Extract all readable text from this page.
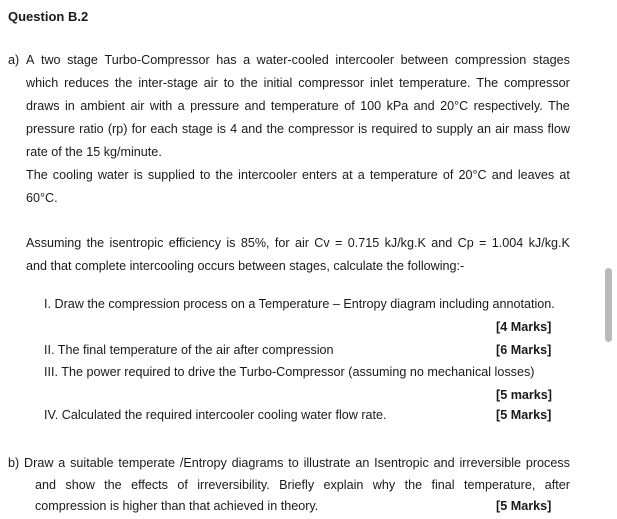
Question B.2
a) A two stage Turbo-Compressor has a water-cooled intercooler between compression stages
which reduces the inter-stage air to the initial compressor inlet temperature. The compressor
draws in ambient air with a pressure and temperature of 100 kPa and 20°C respectively. The
pressure ratio (rp) for each stage is 4 and the compressor is required to supply an air mass flow
rate of the 15 kg/minute.
The cooling water is supplied to the intercooler enters at a temperature of 20°C and leaves at
60°C.
Assuming the isentropic efficiency is 85%, for air Cv = 0.715 kJ/kg.K and Cp = 1.004 kJ/kg.K
and that complete intercooling occurs between stages, calculate the following:-
I. Draw the compression process on a Temperature – Entropy diagram including annotation.
[4 Marks]
II. The final temperature of the air after compression	[6 Marks]
III. The power required to drive the Turbo-Compressor (assuming no mechanical losses)
[5 marks]
IV. Calculated the required intercooler cooling water flow rate.	[5 Marks]
b) Draw a suitable temperate /Entropy diagrams to illustrate an Isentropic and irreversible process
and show the effects of irreversibility. Briefly explain why the final temperature, after
compression is higher than that achieved in theory.	[5 Marks]
